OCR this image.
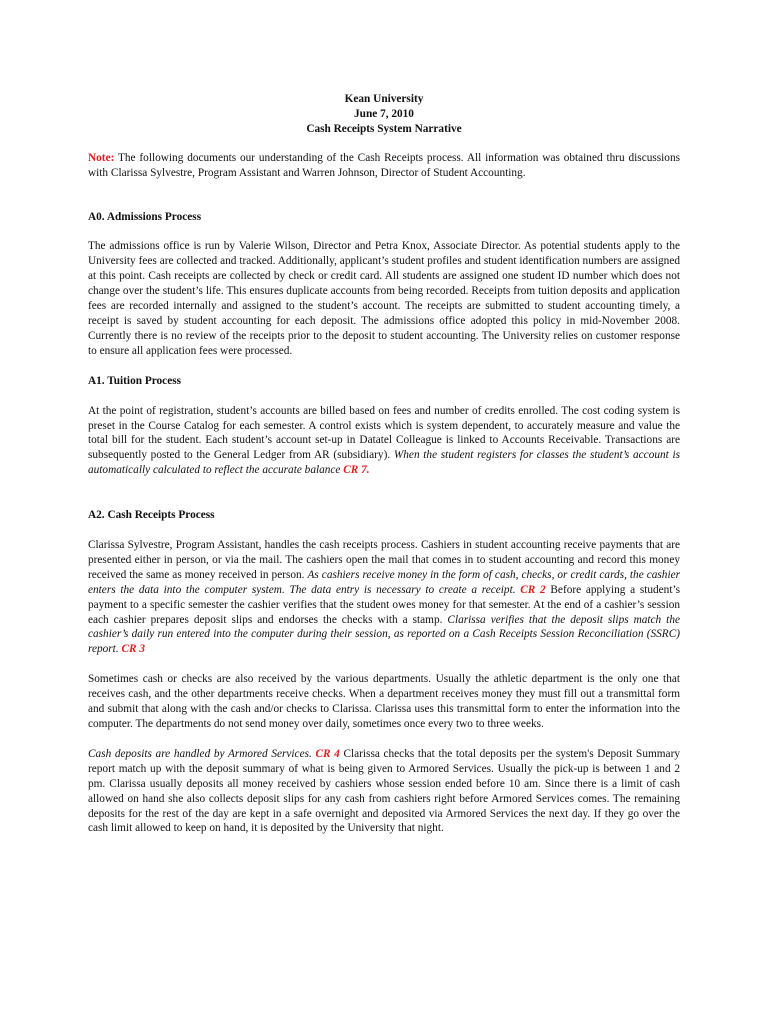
Kean University
June 7, 2010
Cash Receipts System Narrative

Note: The following documents our understanding of the Cash Receipts process. All information was obtained thru discussions with Clarissa Sylvestre, Program Assistant and Warren Johnson, Director of Student Accounting.

A0. Admissions Process

The admissions office is run by Valerie Wilson, Director and Petra Knox, Associate Director. As potential students apply to the University fees are collected and tracked. Additionally, applicant’s student profiles and student identification numbers are assigned at this point. Cash receipts are collected by check or credit card. All students are assigned one student ID number which does not change over the student’s life. This ensures duplicate accounts from being recorded. Receipts from tuition deposits and application fees are recorded internally and assigned to the student’s account. The receipts are submitted to student accounting timely, a receipt is saved by student accounting for each deposit. The admissions office adopted this policy in mid-November 2008. Currently there is no review of the receipts prior to the deposit to student accounting. The University relies on customer response to ensure all application fees were processed.

A1. Tuition Process

At the point of registration, student’s accounts are billed based on fees and number of credits enrolled. The cost coding system is preset in the Course Catalog for each semester. A control exists which is system dependent, to accurately measure and value the total bill for the student. Each student’s account set-up in Datatel Colleague is linked to Accounts Receivable. Transactions are subsequently posted to the General Ledger from AR (subsidiary). When the student registers for classes the student’s account is automatically calculated to reflect the accurate balance CR 7.

A2. Cash Receipts Process

Clarissa Sylvestre, Program Assistant, handles the cash receipts process. Cashiers in student accounting receive payments that are presented either in person, or via the mail. The cashiers open the mail that comes in to student accounting and record this money received the same as money received in person. As cashiers receive money in the form of cash, checks, or credit cards, the cashier enters the data into the computer system. The data entry is necessary to create a receipt. CR 2 Before applying a student’s payment to a specific semester the cashier verifies that the student owes money for that semester. At the end of a cashier’s session each cashier prepares deposit slips and endorses the checks with a stamp. Clarissa verifies that the deposit slips match the cashier’s daily run entered into the computer during their session, as reported on a Cash Receipts Session Reconciliation (SSRC) report. CR 3

Sometimes cash or checks are also received by the various departments. Usually the athletic department is the only one that receives cash, and the other departments receive checks. When a department receives money they must fill out a transmittal form and submit that along with the cash and/or checks to Clarissa. Clarissa uses this transmittal form to enter the information into the computer. The departments do not send money over daily, sometimes once every two to three weeks.

Cash deposits are handled by Armored Services. CR 4 Clarissa checks that the total deposits per the system's Deposit Summary report match up with the deposit summary of what is being given to Armored Services. Usually the pick-up is between 1 and 2 pm. Clarissa usually deposits all money received by cashiers whose session ended before 10 am. Since there is a limit of cash allowed on hand she also collects deposit slips for any cash from cashiers right before Armored Services comes. The remaining deposits for the rest of the day are kept in a safe overnight and deposited via Armored Services the next day. If they go over the cash limit allowed to keep on hand, it is deposited by the University that night.
